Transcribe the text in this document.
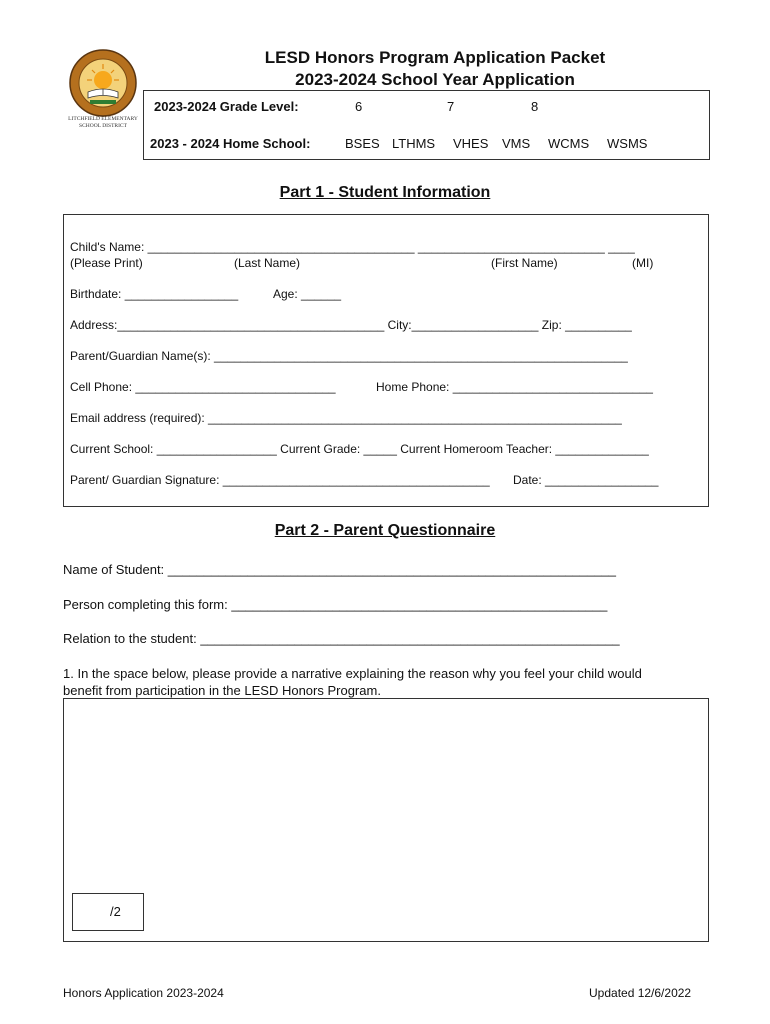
LITCHFIELD ELEMENTARY
SCHOOL DISTRICT
LESD Honors Program Application Packet
2023-2024 School Year Application
2023-2024 Grade Level:	6	7	8
2023 - 2024 Home School:	BSES LTHMS VHES VMS WCMS WSMS
Part 1 - Student Information
Child's Name: ________________________________________ ____________________________ ____
(Please Print)	(Last Name)	(First Name)	(MI)
Birthdate: _________________	Age: ______
Address:________________________________________ City:___________________ Zip: __________
Parent/Guardian Name(s): ______________________________________________________________
Cell Phone: ______________________________	Home Phone: ______________________________
Email address (required): ______________________________________________________________
Current School: __________________ Current Grade: _____ Current Homeroom Teacher: ______________
Parent/ Guardian Signature: ________________________________________ Date: _________________
Part 2 - Parent Questionnaire
Name of Student: ______________________________________________________________
Person completing this form: ____________________________________________________
Relation to the student: __________________________________________________________
1. In the space below, please provide a narrative explaining the reason why you feel your child would
benefit from participation in the LESD Honors Program.
/2
Honors Application 2023-2024	Updated 12/6/2022
